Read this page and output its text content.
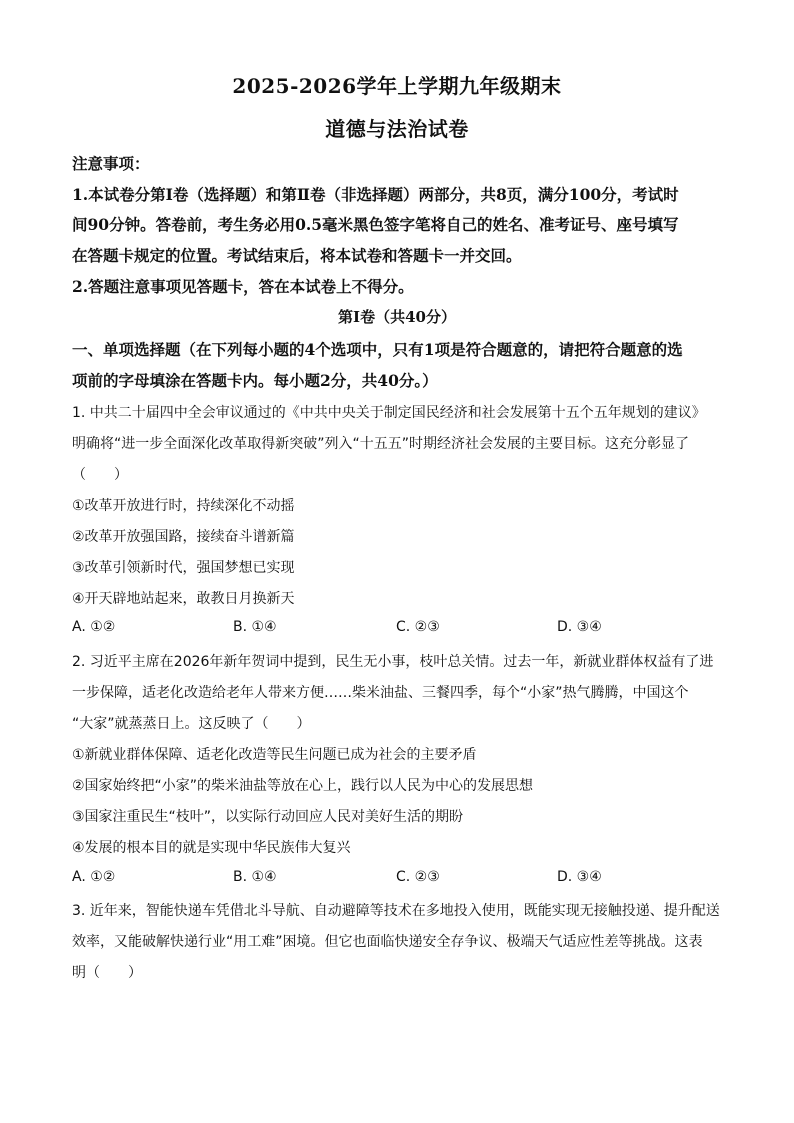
2025-2026学年上学期九年级期末
道德与法治试卷
注意事项：
1.本试卷分第Ⅰ卷（选择题）和第Ⅱ卷（非选择题）两部分，共8页，满分100分，考试时
间90分钟。答卷前，考生务必用0.5毫米黑色签字笔将自己的姓名、准考证号、座号填写
在答题卡规定的位置。考试结束后，将本试卷和答题卡一并交回。
2.答题注意事项见答题卡，答在本试卷上不得分。
第Ⅰ卷（共40分）
一、单项选择题（在下列每小题的4个选项中，只有1项是符合题意的，请把符合题意的选
项前的字母填涂在答题卡内。每小题2分，共40分。）
1. 中共二十届四中全会审议通过的《中共中央关于制定国民经济和社会发展第十五个五年规划的建议》
明确将“进一步全面深化改革取得新突破”列入“十五五”时期经济社会发展的主要目标。这充分彰显了
（　　）
①改革开放进行时，持续深化不动摇
②改革开放强国路，接续奋斗谱新篇
③改革引领新时代，强国梦想已实现
④开天辟地站起来，敢教日月换新天
A. ①②	B. ①④	C. ②③	D. ③④
2. 习近平主席在2026年新年贺词中提到，民生无小事，枝叶总关情。过去一年，新就业群体权益有了进
一步保障，适老化改造给老年人带来方便……柴米油盐、三餐四季，每个“小家”热气腾腾，中国这个
“大家”就蒸蒸日上。这反映了（　　）
①新就业群体保障、适老化改造等民生问题已成为社会的主要矛盾
②国家始终把“小家”的柴米油盐等放在心上，践行以人民为中心的发展思想
③国家注重民生“枝叶”，以实际行动回应人民对美好生活的期盼
④发展的根本目的就是实现中华民族伟大复兴
A. ①②	B. ①④	C. ②③	D. ③④
3. 近年来，智能快递车凭借北斗导航、自动避障等技术在多地投入使用，既能实现无接触投递、提升配送
效率，又能破解快递行业“用工难”困境。但它也面临快递安全存争议、极端天气适应性差等挑战。这表
明（　　）
